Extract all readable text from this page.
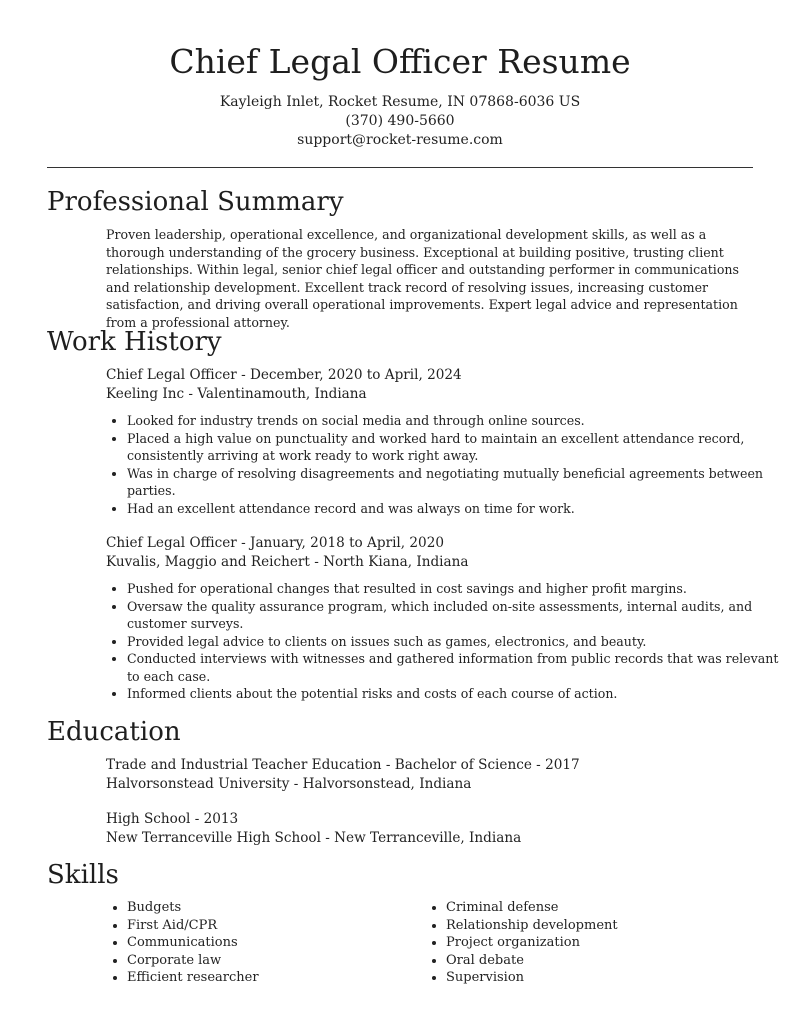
Chief Legal Officer Resume
Kayleigh Inlet, Rocket Resume, IN 07868-6036 US
(370) 490-5660
support@rocket-resume.com
Professional Summary
Proven leadership, operational excellence, and organizational development skills, as well as a thorough understanding of the grocery business. Exceptional at building positive, trusting client relationships. Within legal, senior chief legal officer and outstanding performer in communications and relationship development. Excellent track record of resolving issues, increasing customer satisfaction, and driving overall operational improvements. Expert legal advice and representation from a professional attorney.
Work History
Chief Legal Officer - December, 2020 to April, 2024
Keeling Inc - Valentinamouth, Indiana
• Looked for industry trends on social media and through online sources.
• Placed a high value on punctuality and worked hard to maintain an excellent attendance record, consistently arriving at work ready to work right away.
• Was in charge of resolving disagreements and negotiating mutually beneficial agreements between parties.
• Had an excellent attendance record and was always on time for work.
Chief Legal Officer - January, 2018 to April, 2020
Kuvalis, Maggio and Reichert - North Kiana, Indiana
• Pushed for operational changes that resulted in cost savings and higher profit margins.
• Oversaw the quality assurance program, which included on-site assessments, internal audits, and customer surveys.
• Provided legal advice to clients on issues such as games, electronics, and beauty.
• Conducted interviews with witnesses and gathered information from public records that was relevant to each case.
• Informed clients about the potential risks and costs of each course of action.
Education
Trade and Industrial Teacher Education - Bachelor of Science - 2017
Halvorsonstead University - Halvorsonstead, Indiana
High School - 2013
New Terranceville High School - New Terranceville, Indiana
Skills
• Budgets
• First Aid/CPR
• Communications
• Corporate law
• Efficient researcher
• Criminal defense
• Relationship development
• Project organization
• Oral debate
• Supervision
